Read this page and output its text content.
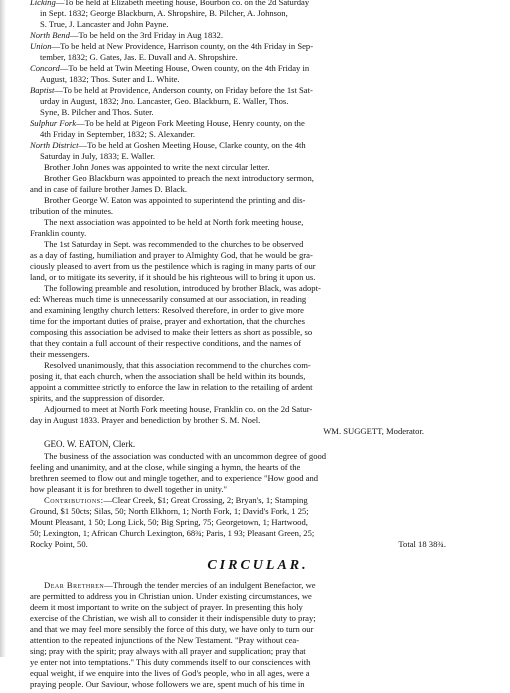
Licking—To be held at Elizabeth meeting house, Bourbon co. on the 2d Saturday
in Sept. 1832; George Blackburn, A. Shropshire, B. Pilcher, A. Johnson,
S. True, J. Lancaster and John Payne.
North Bend—To be held on the 3rd Friday in Aug 1832.
Union—To be held at New Providence, Harrison county, on the 4th Friday in Sep-
tember, 1832; G. Gates, Jas. E. Duvall and A. Shropshire.
Concord—To be held at Twin Meeting House, Owen county, on the 4th Friday in
August, 1832; Thos. Suter and L. White.
Baptist—To be held at Providence, Anderson county, on Friday before the 1st Sat-
urday in August, 1832; Jno. Lancaster, Geo. Blackburn, E. Waller, Thos.
Syne, B. Pilcher and Thos. Suter.
Sulphur Fork—To be held at Pigeon Fork Meeting House, Henry county, on the
4th Friday in September, 1832; S. Alexander.
North District—To be held at Goshen Meeting House, Clarke county, on the 4th
Saturday in July, 1833; E. Waller.
Brother John Jones was appointed to write the next circular letter.
Brother Geo Blackburn was appointed to preach the next introductory sermon,
and in case of failure brother James D. Black.
Brother George W. Eaton was appointed to superintend the printing and dis-
tribution of the minutes.
The next association was appointed to be held at North fork meeting house,
Franklin county.
The 1st Saturday in Sept. was recommended to the churches to be observed
as a day of fasting, humiliation and prayer to Almighty God, that he would be gra-
ciously pleased to avert from us the pestilence which is raging in many parts of our
land, or to mitigate its severity, if it should be his righteous will to bring it upon us.
The following preamble and resolution, introduced by brother Black, was adopt-
ed: Whereas much time is unnecessarily consumed at our association, in reading
and examining lengthy church letters: Resolved therefore, in order to give more
time for the important duties of praise, prayer and exhortation, that the churches
composing this association be advised to make their letters as short as possible, so
that they contain a full account of their respective conditions, and the names of
their messengers.
Resolved unanimously, that this association recommend to the churches com-
posing it, that each church, when the association shall be held within its bounds,
appoint a committee strictly to enforce the law in relation to the retailing of ardent
spirits, and the suppression of disorder.
Adjourned to meet at North Fork meeting house, Franklin co. on the 2d Satur-
day in August 1833. Prayer and benediction by brother S. M. Noel.
WM. SUGGETT, Moderator.
GEO. W. EATON, Clerk.
The business of the association was conducted with an uncommon degree of good
feeling and unanimity, and at the close, while singing a hymn, the hearts of the
brethren seemed to flow out and mingle together, and to experience "How good and
how pleasant it is for brethren to dwell together in unity."
Contributions:—Clear Creek, $1; Great Crossing, 2; Bryan's, 1; Stamping
Ground, $1 50cts; Silas, 50; North Elkhorn, 1; North Fork, 1; David's Fork, 1 25;
Mount Pleasant, 1 50; Long Lick, 50; Big Spring, 75; Georgetown, 1; Hartwood,
50; Lexington, 1; African Church Lexington, 68¾; Paris, 1 93; Pleasant Green, 25;
Rocky Point, 50.	Total 18 38¾.
CIRCULAR.
Dear Brethren—Through the tender mercies of an indulgent Benefactor, we
are permitted to address you in Christian union. Under existing circumstances, we
deem it most important to write on the subject of prayer. In presenting this holy
exercise of the Christian, we wish all to consider it their indispensible duty to pray;
and that we may feel more sensibly the force of this duty, we have only to turn our
attention to the repeated injunctions of the New Testament. "Pray without cea-
sing; pray with the spirit; pray always with all prayer and supplication; pray that
ye enter not into temptations." This duty commends itself to our consciences with
equal weight, if we enquire into the lives of God's people, who in all ages, were a
praying people. Our Saviour, whose followers we are, spent much of his time in
